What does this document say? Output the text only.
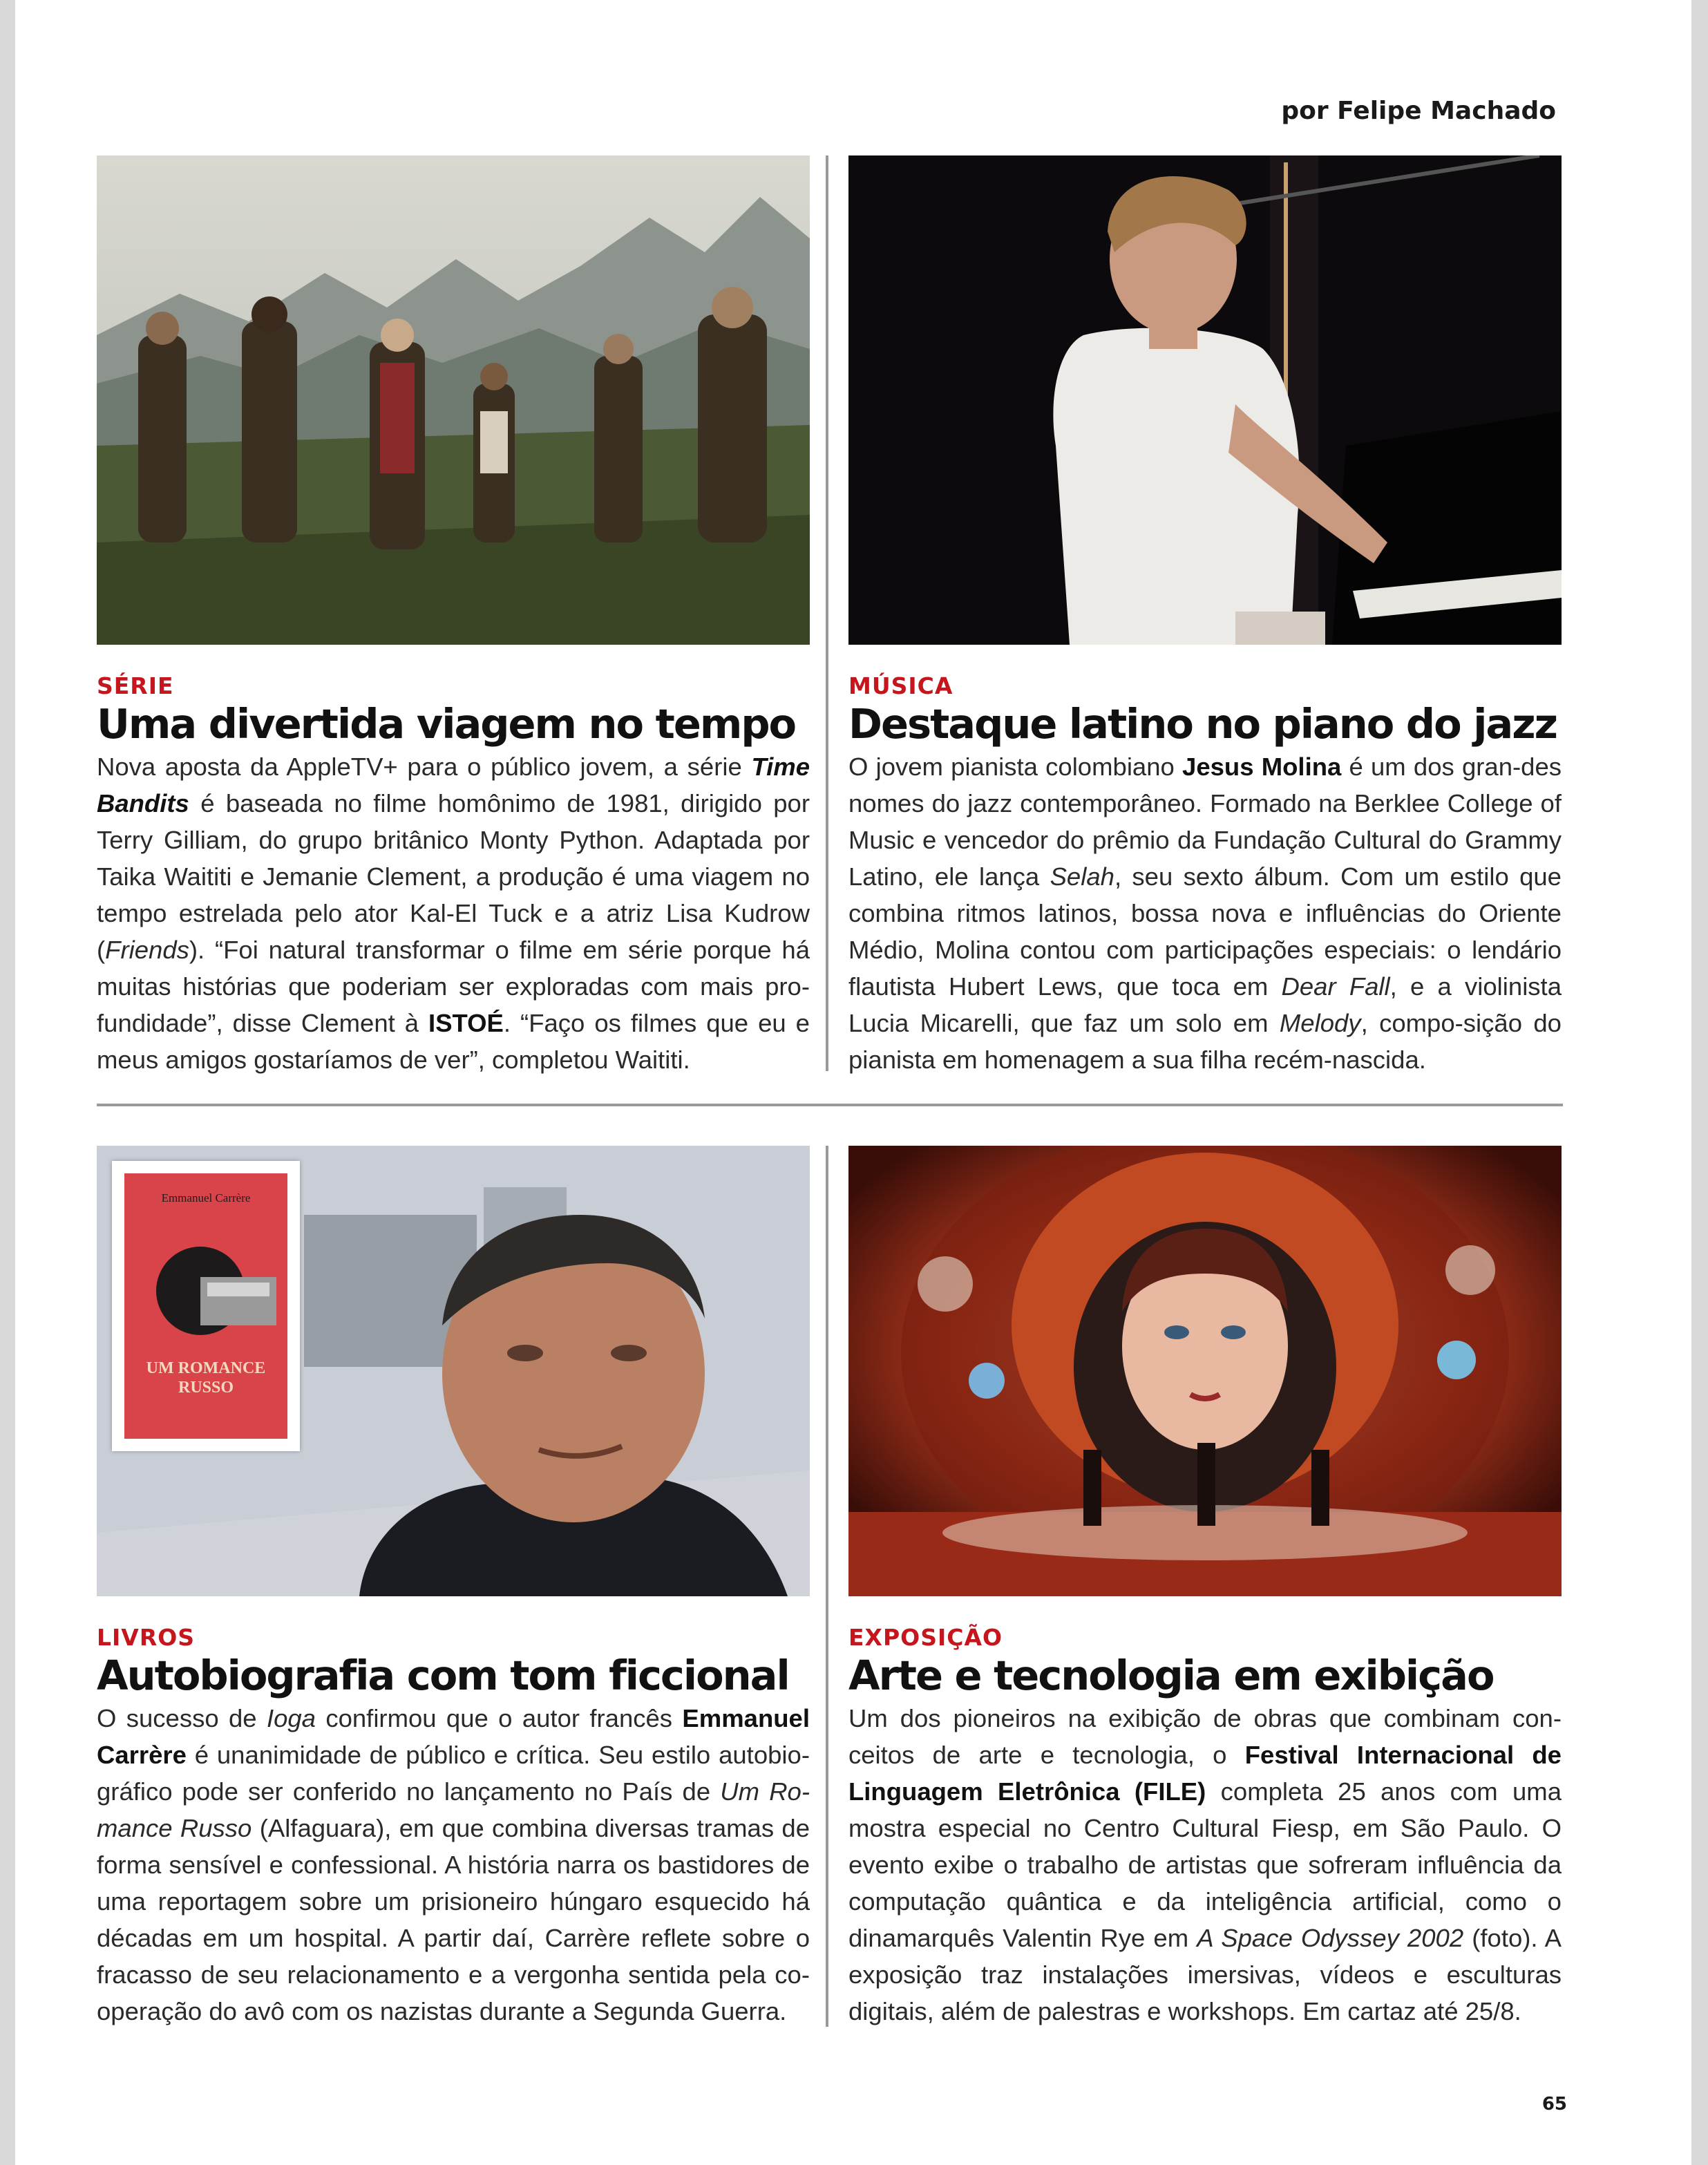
por Felipe Machado
SÉRIE
Uma divertida viagem no tempo
Nova aposta da AppleTV+ para o público jovem, a série Time Bandits é baseada no filme homônimo de 1981, dirigido por Terry Gilliam, do grupo britânico Monty Python. Adaptada por Taika Waititi e Jemanie Clement, a produção é uma viagem no tempo estrelada pelo ator Kal-El Tuck e a atriz Lisa Kudrow (Friends). “Foi natural transformar o filme em série porque há muitas histórias que poderiam ser exploradas com mais pro-fundidade”, disse Clement à ISTOÉ. “Faço os filmes que eu e meus amigos gostaríamos de ver”, completou Waititi.
MÚSICA
Destaque latino no piano do jazz
O jovem pianista colombiano Jesus Molina é um dos gran-des nomes do jazz contemporâneo. Formado na Berklee College of Music e vencedor do prêmio da Fundação Cultural do Grammy Latino, ele lança Selah, seu sexto álbum. Com um estilo que combina ritmos latinos, bossa nova e influências do Oriente Médio, Molina contou com participações especiais: o lendário flautista Hubert Lews, que toca em Dear Fall, e a violinista Lucia Micarelli, que faz um solo em Melody, compo-sição do pianista em homenagem a sua filha recém-nascida.
Emmanuel Carrère
UM ROMANCE RUSSO
LIVROS
Autobiografia com tom ficcional
O sucesso de Ioga confirmou que o autor francês Emmanuel Carrère é unanimidade de público e crítica. Seu estilo autobio-gráfico pode ser conferido no lançamento no País de Um Ro-mance Russo (Alfaguara), em que combina diversas tramas de forma sensível e confessional. A história narra os bastidores de uma reportagem sobre um prisioneiro húngaro esquecido há décadas em um hospital. A partir daí, Carrère reflete sobre o fracasso de seu relacionamento e a vergonha sentida pela co-operação do avô com os nazistas durante a Segunda Guerra.
EXPOSIÇÃO
Arte e tecnologia em exibição
Um dos pioneiros na exibição de obras que combinam con-ceitos de arte e tecnologia, o Festival Internacional de Linguagem Eletrônica (FILE) completa 25 anos com uma mostra especial no Centro Cultural Fiesp, em São Paulo. O evento exibe o trabalho de artistas que sofreram influência da computação quântica e da inteligência artificial, como o dinamarquês Valentin Rye em A Space Odyssey 2002 (foto). A exposição traz instalações imersivas, vídeos e esculturas digitais, além de palestras e workshops. Em cartaz até 25/8.
65
